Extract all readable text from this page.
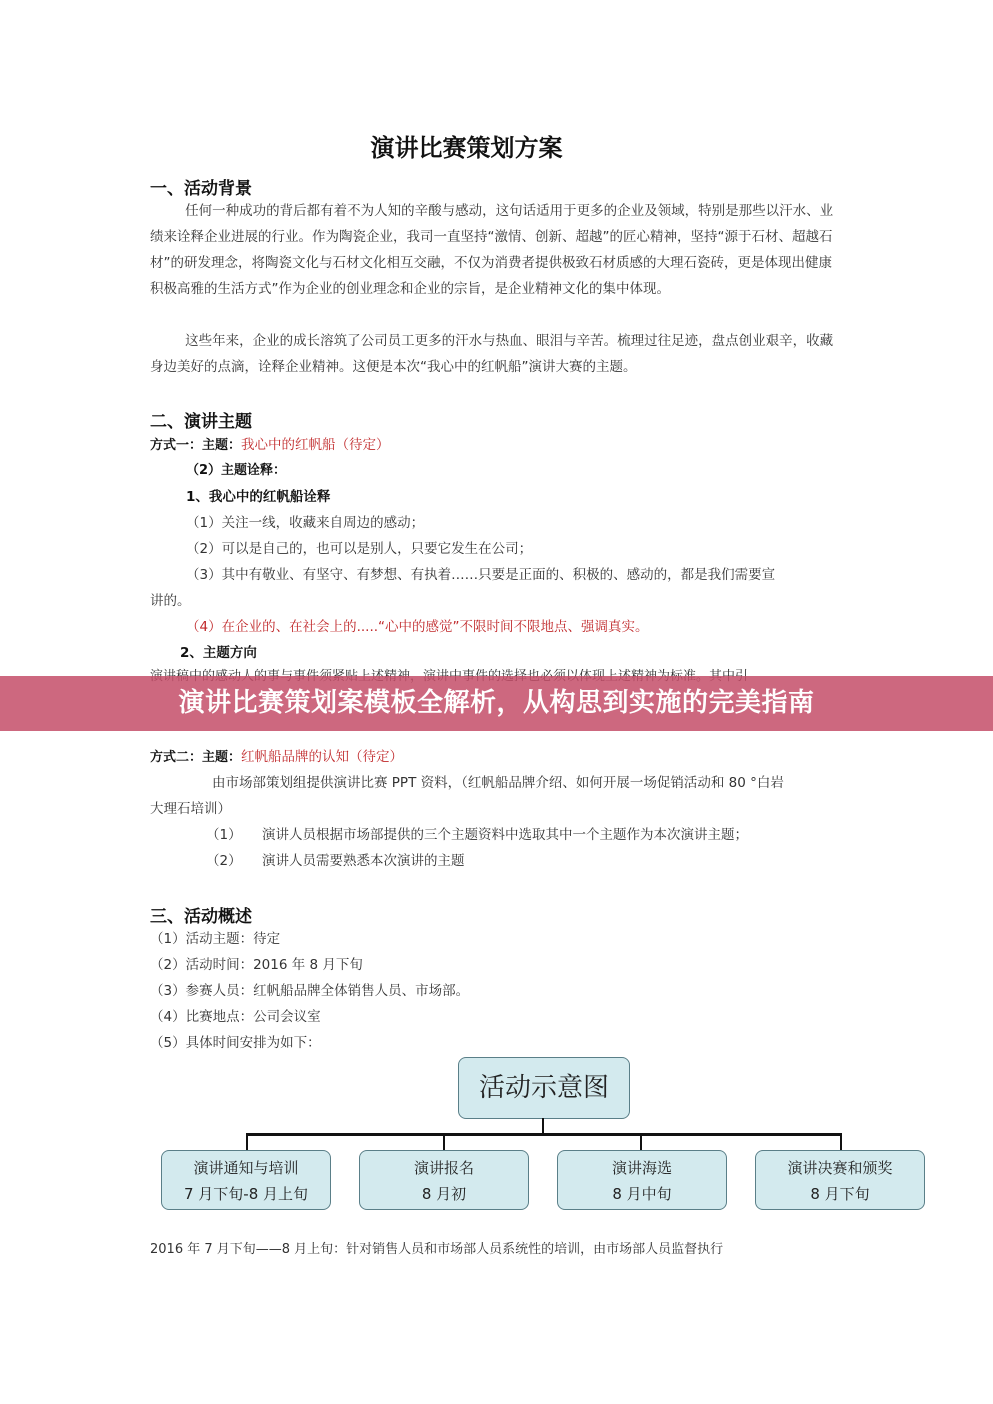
演讲比赛策划方案
一、活动背景
任何一种成功的背后都有着不为人知的辛酸与感动，这句话适用于更多的企业及领域，特别是那些以汗水、业绩来诠释企业进展的行业。作为陶瓷企业，我司一直坚持“激情、创新、超越”的匠心精神，坚持“源于石材、超越石材”的研发理念，将陶瓷文化与石材文化相互交融，不仅为消费者提供极致石材质感的大理石瓷砖，更是体现出健康积极高雅的生活方式”作为企业的创业理念和企业的宗旨，是企业精神文化的集中体现。
这些年来，企业的成长溶筑了公司员工更多的汗水与热血、眼泪与辛苦。梳理过往足迹，盘点创业艰辛，收藏身边美好的点滴，诠释企业精神。这便是本次“我心中的红帆船”演讲大赛的主题。
二、演讲主题
方式一：主题：我心中的红帆船（待定）
（2）主题诠释：
1、我心中的红帆船诠释
（1）关注一线，收藏来自周边的感动；
（2）可以是自己的，也可以是别人，只要它发生在公司；
（3）其中有敬业、有坚守、有梦想、有执着……只要是正面的、积极的、感动的，都是我们需要宣
讲的。
（4）在企业的、在社会上的.....“心中的感觉”不限时间不限地点、强调真实。
2、主题方向
演讲比赛策划案模板全解析，从构思到实施的完美指南
方式二：主题：红帆船品牌的认知（待定）
由市场部策划组提供演讲比赛 PPT 资料，（红帆船品牌介绍、如何开展一场促销活动和 80 °白岩
大理石培训）
（1） 演讲人员根据市场部提供的三个主题资料中选取其中一个主题作为本次演讲主题；
（2） 演讲人员需要熟悉本次演讲的主题
三、活动概述
（1）活动主题：待定
（2）活动时间：2016 年 8 月下旬
（3）参赛人员：红帆船品牌全体销售人员、市场部。
（4）比赛地点：公司会议室
（5）具体时间安排为如下：
活动示意图
演讲通知与培训
7 月下旬-8 月上旬
演讲报名
8 月初
演讲海选
8 月中旬
演讲决赛和颁奖
8 月下旬
2016 年 7 月下旬——8 月上旬：针对销售人员和市场部人员系统性的培训，由市场部人员监督执行
